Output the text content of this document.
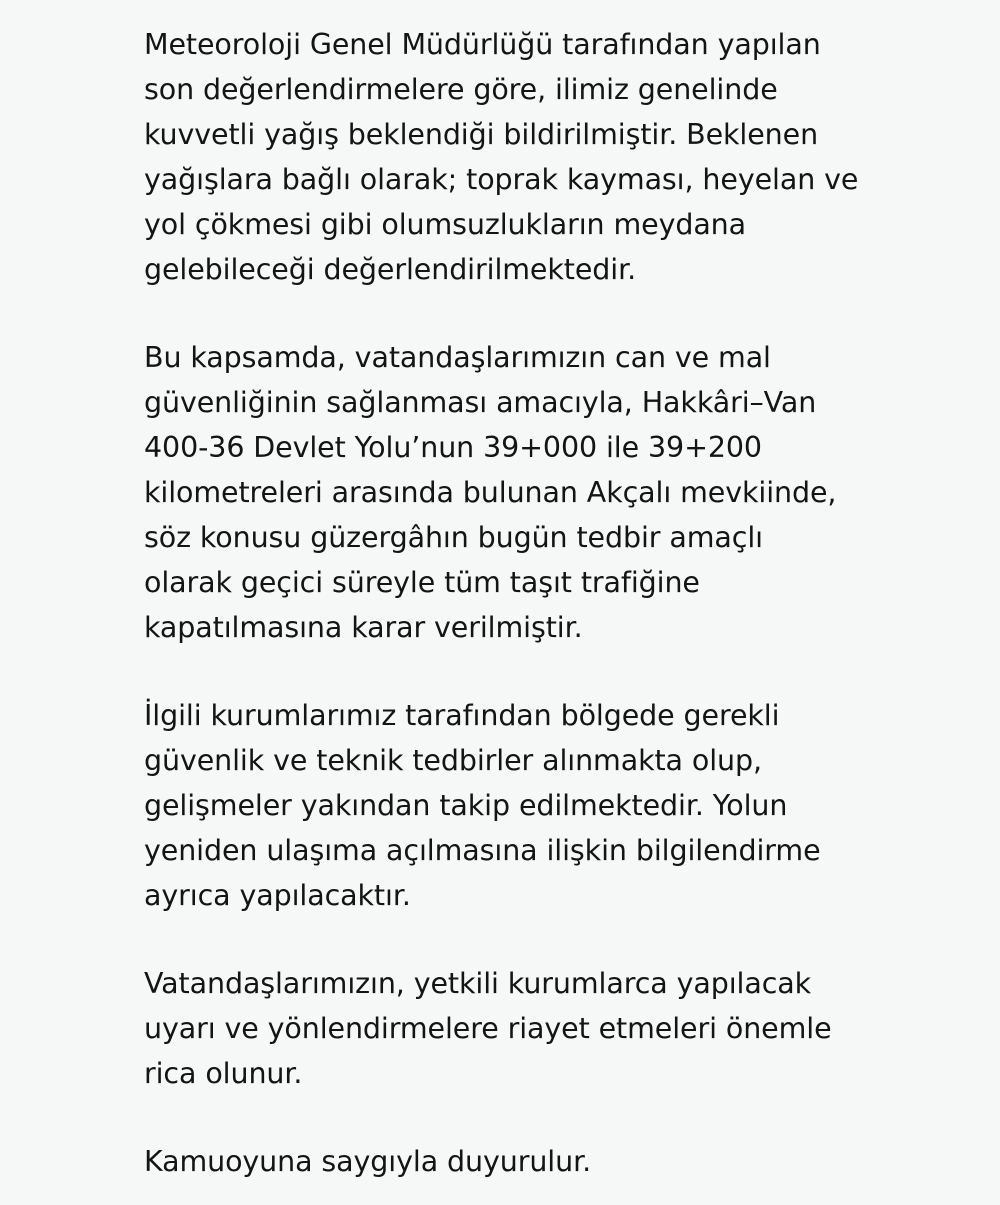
Meteoroloji Genel Müdürlüğü tarafından yapılan
son değerlendirmelere göre, ilimiz genelinde
kuvvetli yağış beklendiği bildirilmiştir. Beklenen
yağışlara bağlı olarak; toprak kayması, heyelan ve
yol çökmesi gibi olumsuzlukların meydana
gelebileceği değerlendirilmektedir.
Bu kapsamda, vatandaşlarımızın can ve mal
güvenliğinin sağlanması amacıyla, Hakkâri–Van
400-36 Devlet Yolu’nun 39+000 ile 39+200
kilometreleri arasında bulunan Akçalı mevkiinde,
söz konusu güzergâhın bugün tedbir amaçlı
olarak geçici süreyle tüm taşıt trafiğine
kapatılmasına karar verilmiştir.
İlgili kurumlarımız tarafından bölgede gerekli
güvenlik ve teknik tedbirler alınmakta olup,
gelişmeler yakından takip edilmektedir. Yolun
yeniden ulaşıma açılmasına ilişkin bilgilendirme
ayrıca yapılacaktır.
Vatandaşlarımızın, yetkili kurumlarca yapılacak
uyarı ve yönlendirmelere riayet etmeleri önemle
rica olunur.
Kamuoyuna saygıyla duyurulur.
